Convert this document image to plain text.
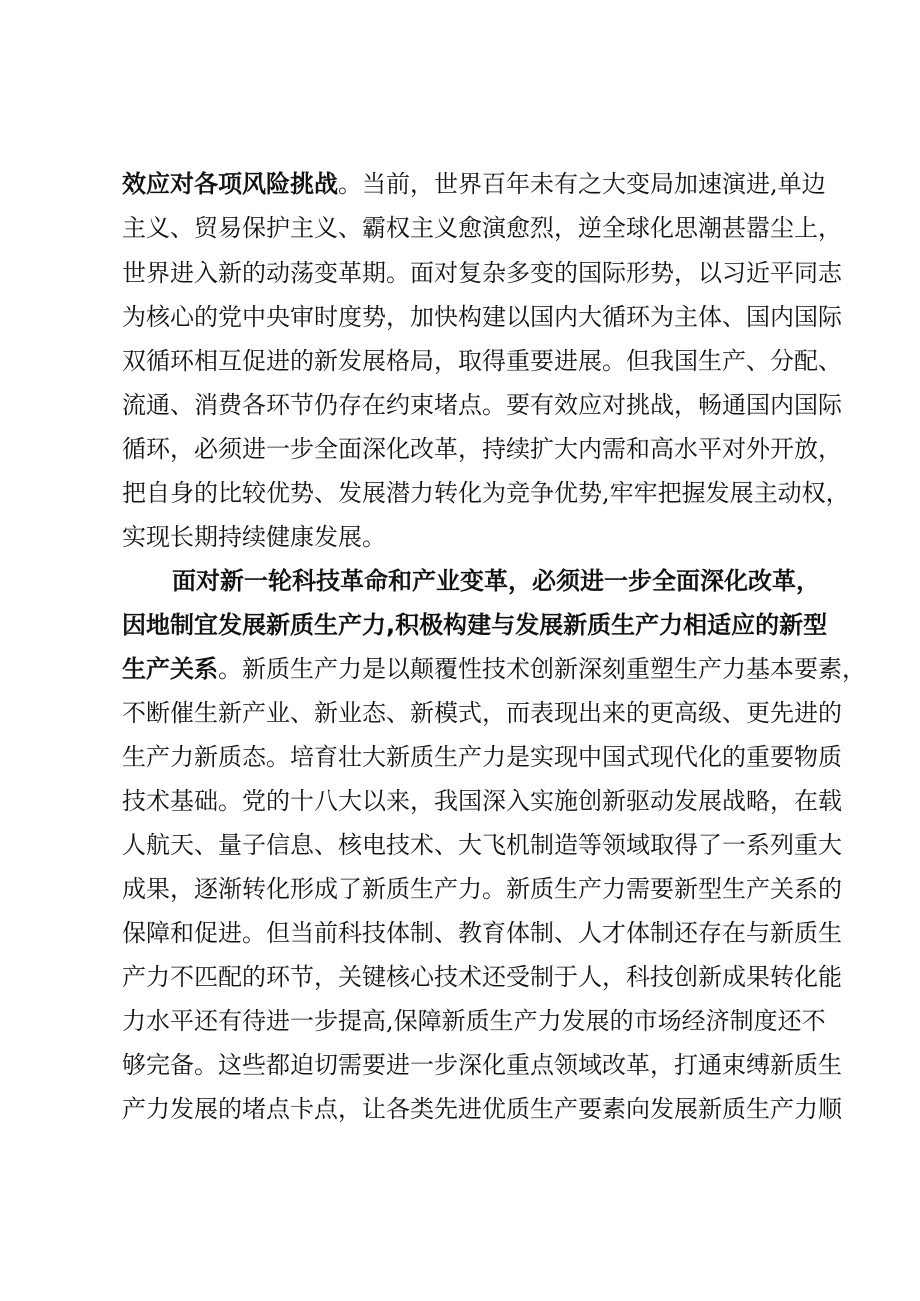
效应对各项风险挑战。当前，世界百年未有之大变局加速演进,单边
主义、贸易保护主义、霸权主义愈演愈烈，逆全球化思潮甚嚣尘上，
世界进入新的动荡变革期。面对复杂多变的国际形势，以习近平同志
为核心的党中央审时度势，加快构建以国内大循环为主体、国内国际
双循环相互促进的新发展格局，取得重要进展。但我国生产、分配、
流通、消费各环节仍存在约束堵点。要有效应对挑战，畅通国内国际
循环，必须进一步全面深化改革，持续扩大内需和高水平对外开放，
把自身的比较优势、发展潜力转化为竞争优势,牢牢把握发展主动权，
实现长期持续健康发展。
面对新一轮科技革命和产业变革，必须进一步全面深化改革，
因地制宜发展新质生产力,积极构建与发展新质生产力相适应的新型
生产关系。新质生产力是以颠覆性技术创新深刻重塑生产力基本要素，
不断催生新产业、新业态、新模式，而表现出来的更高级、更先进的
生产力新质态。培育壮大新质生产力是实现中国式现代化的重要物质
技术基础。党的十八大以来，我国深入实施创新驱动发展战略，在载
人航天、量子信息、核电技术、大飞机制造等领域取得了一系列重大
成果，逐渐转化形成了新质生产力。新质生产力需要新型生产关系的
保障和促进。但当前科技体制、教育体制、人才体制还存在与新质生
产力不匹配的环节，关键核心技术还受制于人，科技创新成果转化能
力水平还有待进一步提高,保障新质生产力发展的市场经济制度还不
够完备。这些都迫切需要进一步深化重点领域改革，打通束缚新质生
产力发展的堵点卡点，让各类先进优质生产要素向发展新质生产力顺
